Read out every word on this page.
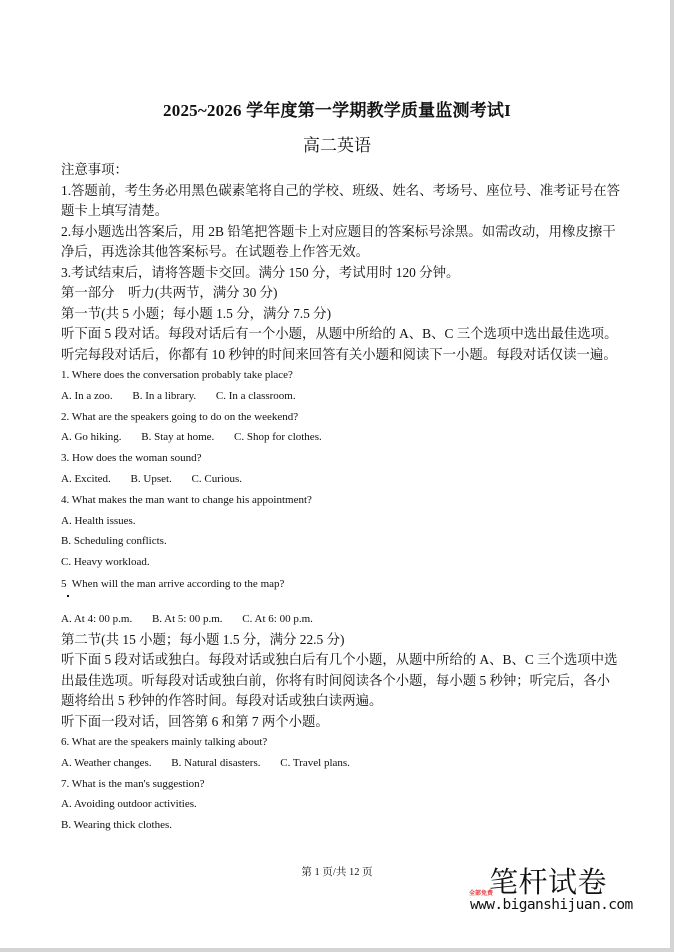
2025~2026 学年度第一学期教学质量监测考试I
高二英语

注意事项：

1.答题前，考生务必用黑色碳素笔将自己的学校、班级、姓名、考场号、座位号、准考证号在答题卡上填写清楚。

2.每小题选出答案后，用 2B 铅笔把答题卡上对应题目的答案标号涂黑。如需改动，用橡皮擦干净后，再选涂其他答案标号。在试题卷上作答无效。

3.考试结束后，请将答题卡交回。满分 150 分，考试用时 120 分钟。

第一部分　听力(共两节，满分 30 分)

第一节(共 5 小题；每小题 1.5 分，满分 7.5 分)

听下面 5 段对话。每段对话后有一个小题，从题中所给的 A、B、C 三个选项中选出最佳选项。听完每段对话后，你都有 10 秒钟的时间来回答有关小题和阅读下一小题。每段对话仅读一遍。

1. Where does the conversation probably take place?

A. In a zoo. B. In a library. C. In a classroom.

2. What are the speakers going to do on the weekend?

A. Go hiking. B. Stay at home. C. Shop for clothes.

3. How does the woman sound?

A. Excited. B. Upset. C. Curious.

4. What makes the man want to change his appointment?

A. Health issues.

B. Scheduling conflicts.

C. Heavy workload.

5  When will the man arrive according to the map?

A. At 4: 00 p.m. B. At 5: 00 p.m. C. At 6: 00 p.m.

第二节(共 15 小题；每小题 1.5 分，满分 22.5 分)

听下面 5 段对话或独白。每段对话或独白后有几个小题，从题中所给的 A、B、C 三个选项中选出最佳选项。听每段对话或独白前，你将有时间阅读各个小题，每小题 5 秒钟；听完后，各小题将给出 5 秒钟的作答时间。每段对话或独白读两遍。

听下面一段对话，回答第 6 和第 7 两个小题。

6. What are the speakers mainly talking about?

A. Weather changes. B. Natural disasters. C. Travel plans.

7. What is the man's suggestion?

A. Avoiding outdoor activities.

B. Wearing thick clothes.

第 1 页/共 12 页	笔杆试卷
全部免费
www.biganshijuan.com
